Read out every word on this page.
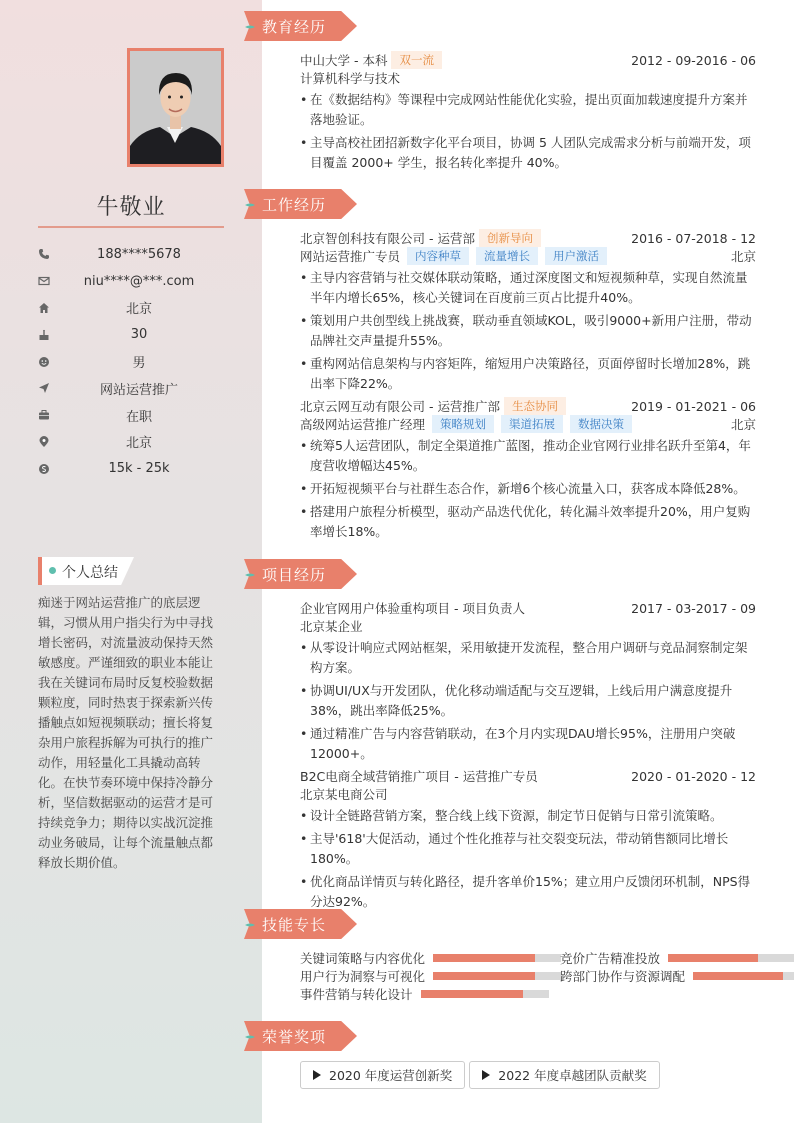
牛敬业
188****5678
niu****@***.com
北京
30
男
网站运营推广
在职
北京
15k - 25k
个人总结
痴迷于网站运营推广的底层逻辑，习惯从用户指尖行为中寻找增长密码，对流量波动保持天然敏感度。严谨细致的职业本能让我在关键词布局时反复校验数据颗粒度，同时热衷于探索新兴传播触点如短视频联动；擅长将复杂用户旅程拆解为可执行的推广动作，用轻量化工具撬动高转化。在快节奏环境中保持冷静分析，坚信数据驱动的运营才是可持续竞争力；期待以实战沉淀推动业务破局，让每个流量触点都释放长期价值。
教育经历
工作经历
项目经历
技能专长
荣誉奖项
中山大学 - 本科	双一流	2012 - 09-2016 - 06
计算机科学与技术
• 在《数据结构》等课程中完成网站性能优化实验，提出页面加载速度提升方案并落地验证。
• 主导高校社团招新数字化平台项目，协调 5 人团队完成需求分析与前端开发，项目覆盖 2000+ 学生，报名转化率提升 40%。
北京智创科技有限公司 - 运营部	创新导向	2016 - 07-2018 - 12
网站运营推广专员	内容种草	流量增长	用户激活	北京
• 主导内容营销与社交媒体联动策略，通过深度图文和短视频种草，实现自然流量半年内增长65%，核心关键词在百度前三页占比提升40%。
• 策划用户共创型线上挑战赛，联动垂直领域KOL，吸引9000+新用户注册，带动品牌社交声量提升55%。
• 重构网站信息架构与内容矩阵，缩短用户决策路径，页面停留时长增加28%，跳出率下降22%。
北京云网互动有限公司 - 运营推广部	生态协同	2019 - 01-2021 - 06
高级网站运营推广经理	策略规划	渠道拓展	数据决策	北京
• 统筹5人运营团队，制定全渠道推广蓝图，推动企业官网行业排名跃升至第4，年度营收增幅达45%。
• 开拓短视频平台与社群生态合作，新增6个核心流量入口，获客成本降低28%。
• 搭建用户旅程分析模型，驱动产品迭代优化，转化漏斗效率提升20%，用户复购率增长18%。
企业官网用户体验重构项目 - 项目负责人	2017 - 03-2017 - 09
北京某企业
• 从零设计响应式网站框架，采用敏捷开发流程，整合用户调研与竞品洞察制定架构方案。
• 协调UI/UX与开发团队，优化移动端适配与交互逻辑，上线后用户满意度提升38%，跳出率降低25%。
• 通过精准广告与内容营销联动，在3个月内实现DAU增长95%，注册用户突破12000+。
B2C电商全域营销推广项目 - 运营推广专员	2020 - 01-2020 - 12
北京某电商公司
• 设计全链路营销方案，整合线上线下资源，制定节日促销与日常引流策略。
• 主导'618'大促活动，通过个性化推荐与社交裂变玩法，带动销售额同比增长180%。
• 优化商品详情页与转化路径，提升客单价15%；建立用户反馈闭环机制，NPS得分达92%。
关键词策略与内容优化	竞价广告精准投放
用户行为洞察与可视化	跨部门协作与资源调配
事件营销与转化设计
2020 年度运营创新奖	2022 年度卓越团队贡献奖
